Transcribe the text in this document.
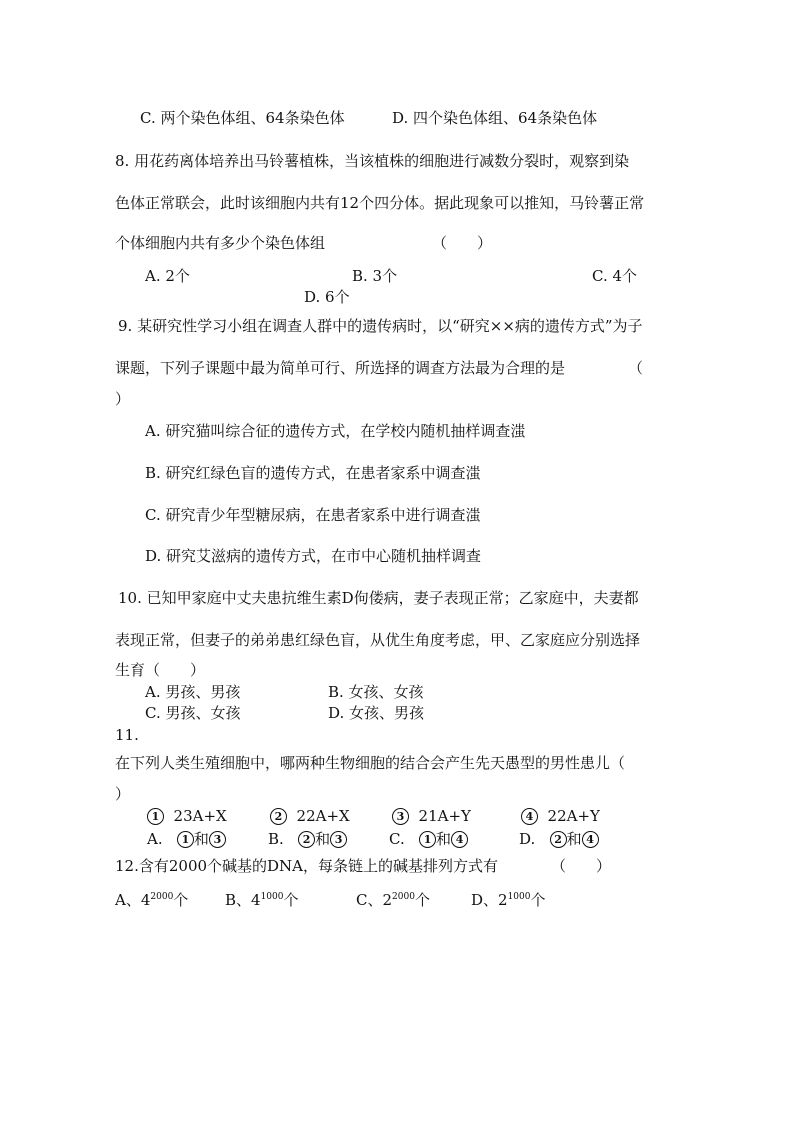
C. 两个染色体组、64条染色体	D. 四个染色体组、64条染色体
8. 用花药离体培养出马铃薯植株，当该植株的细胞进行减数分裂时，观察到染
色体正常联会，此时该细胞内共有12个四分体。据此现象可以推知，马铃薯正常
个体细胞内共有多少个染色体组	（　　）
A. 2个	B. 3个	C. 4个
D. 6个
9. 某研究性学习小组在调查人群中的遗传病时，以“研究××病的遗传方式”为子
课题，下列子课题中最为简单可行、所选择的调查方法最为合理的是	（
）
A. 研究猫叫综合征的遗传方式，在学校内随机抽样调查滍
B. 研究红绿色盲的遗传方式，在患者家系中调查滍
C. 研究青少年型糖尿病，在患者家系中进行调查滍
D. 研究艾滋病的遗传方式，在市中心随机抽样调查
10. 已知甲家庭中丈夫患抗维生素D佝偻病，妻子表现正常；乙家庭中，夫妻都
表现正常，但妻子的弟弟患红绿色盲，从优生角度考虑，甲、乙家庭应分别选择
生育（　　）
A. 男孩、男孩	B. 女孩、女孩
C. 男孩、女孩	D. 女孩、男孩
11.
在下列人类生殖细胞中，哪两种生物细胞的结合会产生先天愚型的男性患儿（
）
1 23A+X	2 22A+X	3 21A+Y	4 22A+Y
A. 1 和 3	B. 2 和 3	C. 1 和 4	D. 2 和 4
12.含有2000个碱基的DNA，每条链上的碱基排列方式有	（　　）
A、$4^{2000}$个 B、$4^{1000}$个	C、$2^{2000}$个	D、$2^{1000}$个
